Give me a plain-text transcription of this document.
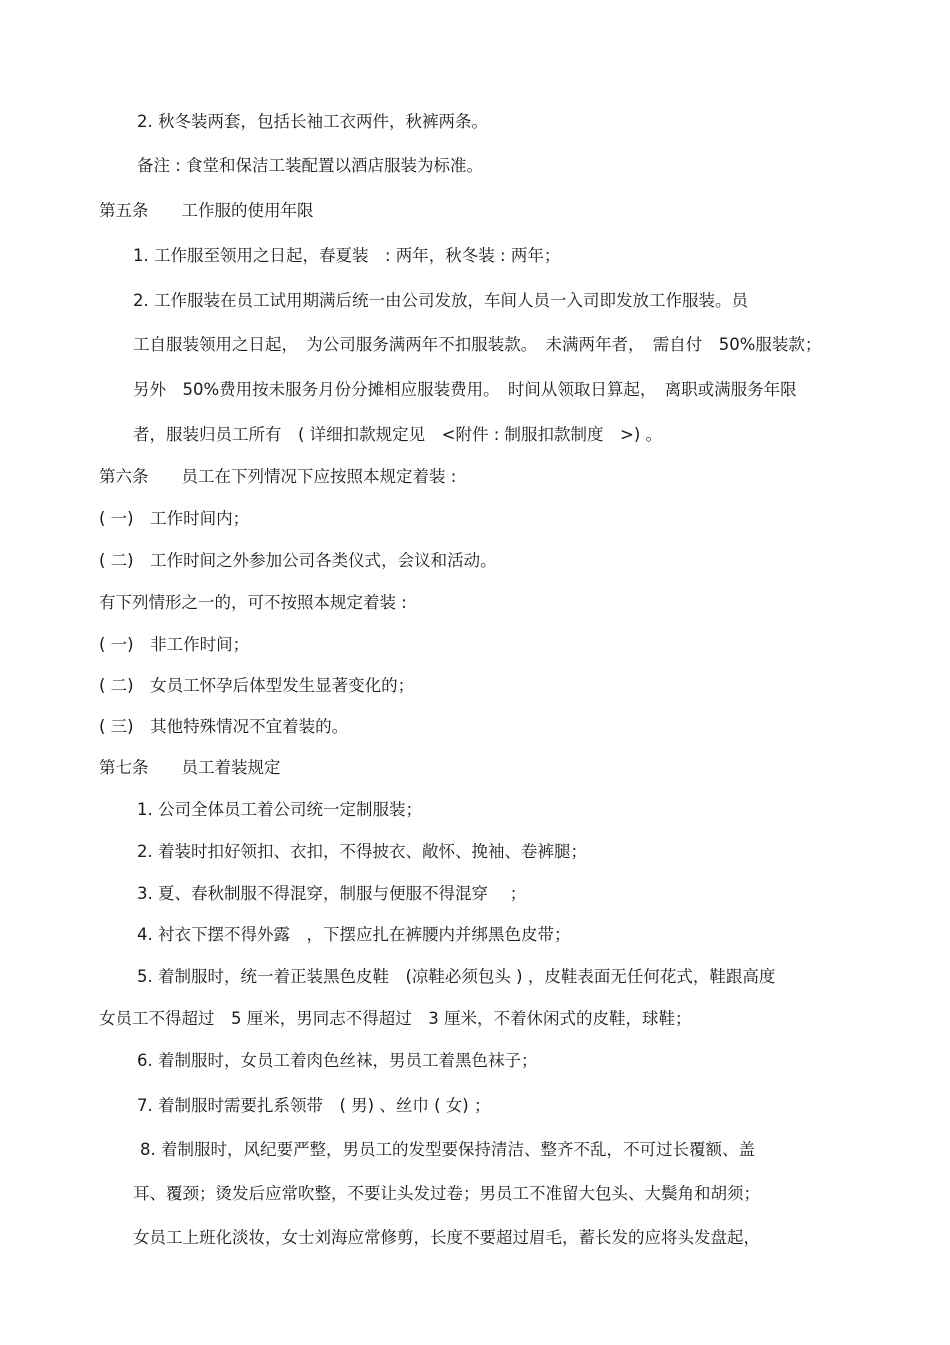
2. 秋冬装两套，包括长袖工衣两件，秋裤两条。

备注 : 食堂和保洁工装配置以酒店服装为标准。

第五条　　工作服的使用年限

1. 工作服至领用之日起，春夏装　: 两年，秋冬装 : 两年；

2. 工作服装在员工试用期满后统一由公司发放，车间人员一入司即发放工作服装。员

工自服装领用之日起，　为公司服务满两年不扣服装款。　未满两年者，　需自付　50%服装款；

另外　50%费用按未服务月份分摊相应服装费用。　时间从领取日算起，　离职或满服务年限

者，服装归员工所有　( 详细扣款规定见　<附件 : 制服扣款制度　>) 。

第六条　　员工在下列情况下应按照本规定着装 :

( 一)　工作时间内；

( 二)　工作时间之外参加公司各类仪式，会议和活动。

有下列情形之一的，可不按照本规定着装 :

( 一)　非工作时间；

( 二)　女员工怀孕后体型发生显著变化的；

( 三)　其他特殊情况不宜着装的。

第七条　　员工着装规定

1. 公司全体员工着公司统一定制服装；

2. 着装时扣好领扣、衣扣，不得披衣、敞怀、挽袖、卷裤腿；

3. 夏、春秋制服不得混穿，制服与便服不得混穿　 ；

4. 衬衣下摆不得外露　，下摆应扎在裤腰内并绑黑色皮带；

5. 着制服时，统一着正装黑色皮鞋　(凉鞋必须包头 ) ，皮鞋表面无任何花式，鞋跟高度

女员工不得超过　5 厘米，男同志不得超过　3 厘米，不着休闲式的皮鞋，球鞋；

6. 着制服时，女员工着肉色丝袜，男员工着黑色袜子；

7. 着制服时需要扎系领带　( 男) 、丝巾 ( 女) ；

8. 着制服时，风纪要严整，男员工的发型要保持清洁、整齐不乱，不可过长覆额、盖

耳、覆颈；烫发后应常吹整，不要让头发过卷；男员工不准留大包头、大鬓角和胡须；

女员工上班化淡妆，女士刘海应常修剪，长度不要超过眉毛，蓄长发的应将头发盘起，
